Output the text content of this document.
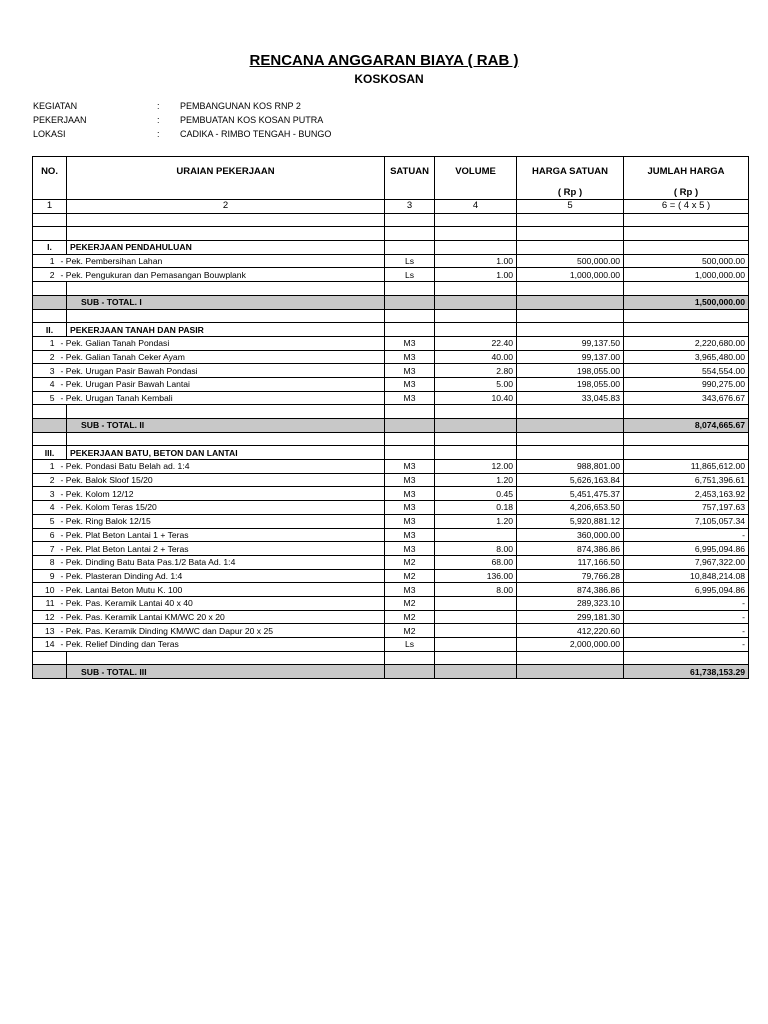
RENCANA ANGGARAN BIAYA ( RAB )
KOSKOSAN
KEGIATAN	: PEMBANGUNAN KOS RNP 2
PEKERJAAN	: PEMBUATAN KOS KOSAN PUTRA
LOKASI	: CADIKA - RIMBO TENGAH - BUNGO
NO.		URAIAN PEKERJAAN	SATUAN	VOLUME	HARGA SATUAN	JUMLAH HARGA
					( Rp )	( Rp )
1		2	3	4	5	6 = ( 4 x 5 )

I.		PEKERJAAN PENDAHULUAN				
1	- Pek. Pembersihan Lahan		Ls	1.00	500,000.00	500,000.00
2	- Pek. Pengukuran dan Pemasangan Bouwplank		Ls	1.00	1,000,000.00	1,000,000.00

		SUB - TOTAL. I				1,500,000.00

II.		PEKERJAAN TANAH DAN PASIR				
1	- Pek. Galian Tanah Pondasi		M3	22.40	99,137.50	2,220,680.00
2	- Pek. Galian Tanah Ceker Ayam		M3	40.00	99,137.00	3,965,480.00
3	- Pek. Urugan Pasir Bawah Pondasi		M3	2.80	198,055.00	554,554.00
4	- Pek. Urugan Pasir Bawah Lantai		M3	5.00	198,055.00	990,275.00
5	- Pek. Urugan Tanah Kembali		M3	10.40	33,045.83	343,676.67

		SUB - TOTAL. II				8,074,665.67

III.		PEKERJAAN BATU, BETON DAN LANTAI				
1	- Pek. Pondasi Batu Belah ad. 1:4		M3	12.00	988,801.00	11,865,612.00
2	- Pek. Balok Sloof 15/20		M3	1.20	5,626,163.84	6,751,396.61
3	- Pek. Kolom 12/12		M3	0.45	5,451,475.37	2,453,163.92
4	- Pek. Kolom Teras 15/20		M3	0.18	4,206,653.50	757,197.63
5	- Pek. Ring Balok 12/15		M3	1.20	5,920,881.12	7,105,057.34
6	- Pek. Plat Beton Lantai 1 + Teras		M3		360,000.00	-
7	- Pek. Plat Beton Lantai 2 + Teras		M3	8.00	874,386.86	6,995,094.86
8	- Pek. Dinding Batu Bata Pas.1/2 Bata Ad. 1:4		M2	68.00	117,166.50	7,967,322.00
9	- Pek. Plasteran Dinding Ad. 1:4		M2	136.00	79,766.28	10,848,214.08
10	- Pek. Lantai Beton Mutu K. 100		M3	8.00	874,386.86	6,995,094.86
11	- Pek. Pas. Keramik Lantai 40 x 40		M2		289,323.10	-
12	- Pek. Pas. Keramik Lantai KM/WC 20 x 20		M2		299,181.30	-
13	- Pek. Pas. Keramik Dinding KM/WC dan Dapur 20 x 25		M2		412,220.60	-
14	- Pek. Relief Dinding dan Teras		Ls		2,000,000.00	-

		SUB - TOTAL. III				61,738,153.29
